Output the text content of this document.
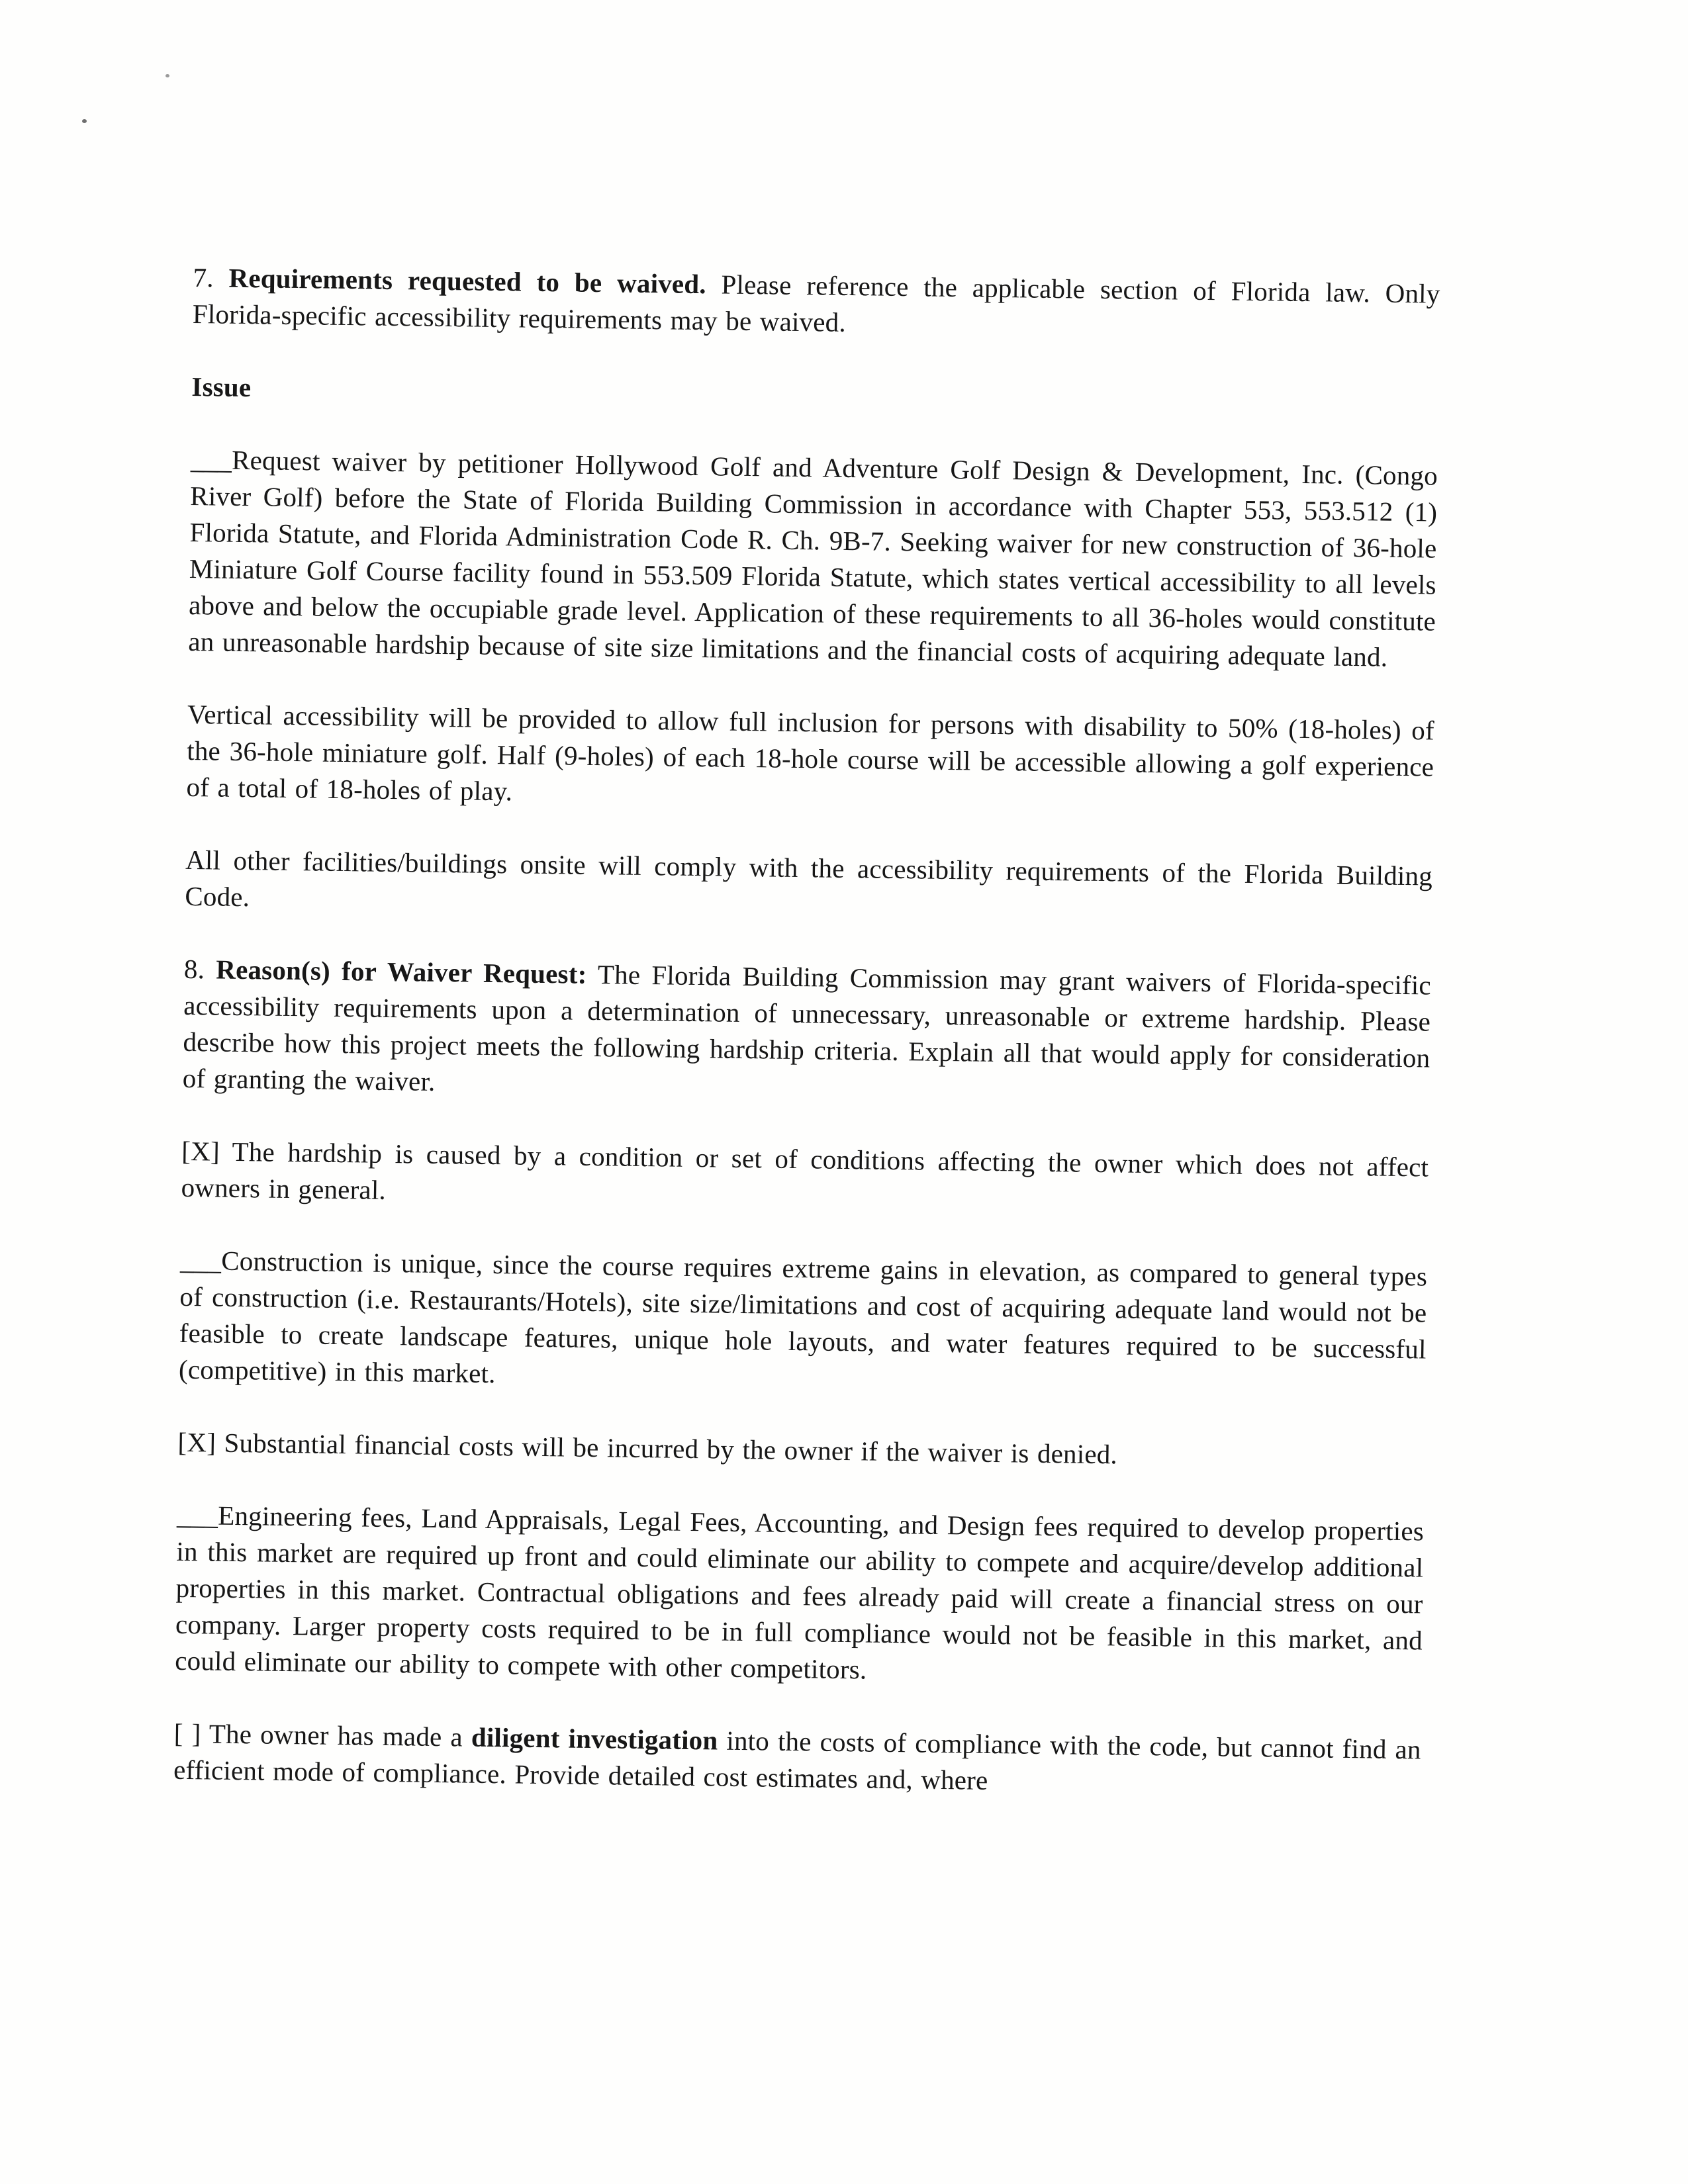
7. Requirements requested to be waived. Please reference the applicable section of Florida law. Only Florida-specific accessibility requirements may be waived.

Issue

___Request waiver by petitioner Hollywood Golf and Adventure Golf Design & Development, Inc. (Congo River Golf) before the State of Florida Building Commission in accordance with Chapter 553, 553.512 (1) Florida Statute, and Florida Administration Code R. Ch. 9B-7. Seeking waiver for new construction of 36-hole Miniature Golf Course facility found in 553.509 Florida Statute, which states vertical accessibility to all levels above and below the occupiable grade level. Application of these requirements to all 36-holes would constitute an unreasonable hardship because of site size limitations and the financial costs of acquiring adequate land.

Vertical accessibility will be provided to allow full inclusion for persons with disability to 50% (18-holes) of the 36-hole miniature golf. Half (9-holes) of each 18-hole course will be accessible allowing a golf experience of a total of 18-holes of play.

All other facilities/buildings onsite will comply with the accessibility requirements of the Florida Building Code.

8. Reason(s) for Waiver Request: The Florida Building Commission may grant waivers of Florida-specific accessibility requirements upon a determination of unnecessary, unreasonable or extreme hardship. Please describe how this project meets the following hardship criteria. Explain all that would apply for consideration of granting the waiver.

[X] The hardship is caused by a condition or set of conditions affecting the owner which does not affect owners in general.

___Construction is unique, since the course requires extreme gains in elevation, as compared to general types of construction (i.e. Restaurants/Hotels), site size/limitations and cost of acquiring adequate land would not be feasible to create landscape features, unique hole layouts, and water features required to be successful (competitive) in this market.

[X] Substantial financial costs will be incurred by the owner if the waiver is denied.

___Engineering fees, Land Appraisals, Legal Fees, Accounting, and Design fees required to develop properties in this market are required up front and could eliminate our ability to compete and acquire/develop additional properties in this market. Contractual obligations and fees already paid will create a financial stress on our company. Larger property costs required to be in full compliance would not be feasible in this market, and could eliminate our ability to compete with other competitors.

[ ] The owner has made a diligent investigation into the costs of compliance with the code, but cannot find an efficient mode of compliance. Provide detailed cost estimates and, where
